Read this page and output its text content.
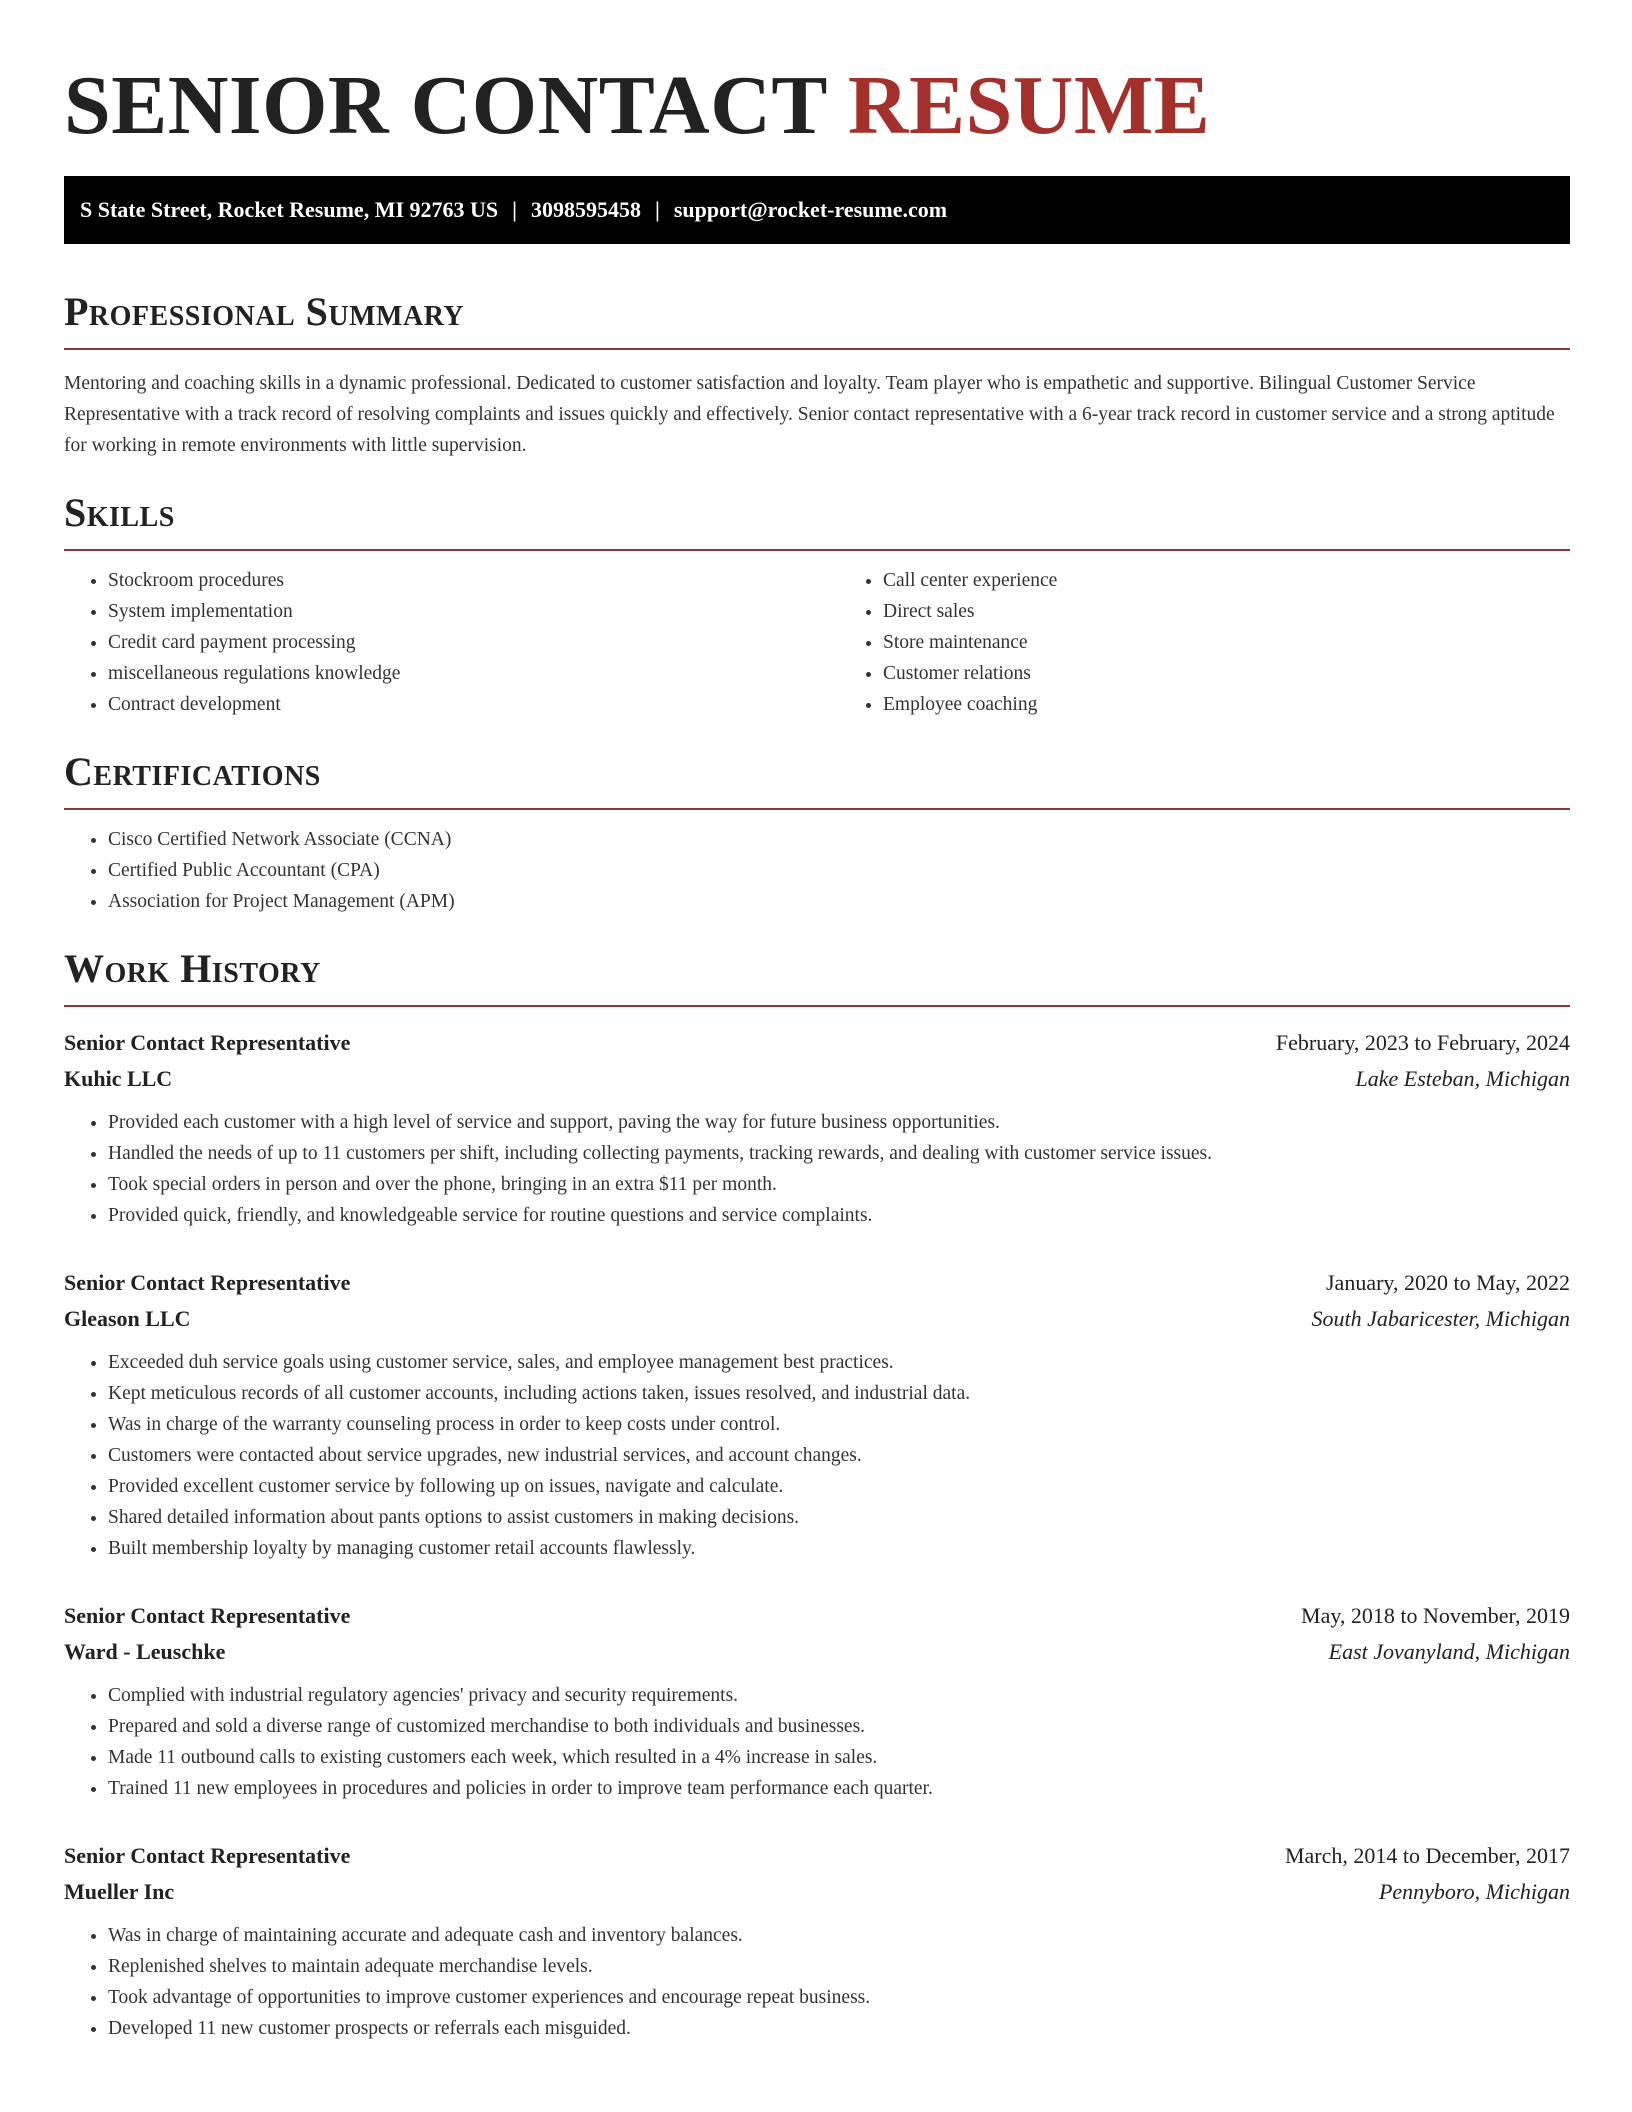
SENIOR CONTACT RESUME
S State Street, Rocket Resume, MI 92763 US | 3098595458 | support@rocket-resume.com
Professional Summary

Mentoring and coaching skills in a dynamic professional. Dedicated to customer satisfaction and loyalty. Team player who is empathetic and supportive. Bilingual Customer Service Representative with a track record of resolving complaints and issues quickly and effectively. Senior contact representative with a 6-year track record in customer service and a strong aptitude for working in remote environments with little supervision.

Skills
• Stockroom procedures
• System implementation
• Credit card payment processing
• miscellaneous regulations knowledge
• Contract development
• Call center experience
• Direct sales
• Store maintenance
• Customer relations
• Employee coaching
Certifications
• Cisco Certified Network Associate (CCNA)
• Certified Public Accountant (CPA)
• Association for Project Management (APM)
Work History
Senior Contact Representative	February, 2023 to February, 2024
Kuhic LLC	Lake Esteban, Michigan
• Provided each customer with a high level of service and support, paving the way for future business opportunities.
• Handled the needs of up to 11 customers per shift, including collecting payments, tracking rewards, and dealing with customer service issues.
• Took special orders in person and over the phone, bringing in an extra $11 per month.
• Provided quick, friendly, and knowledgeable service for routine questions and service complaints.
Senior Contact Representative	January, 2020 to May, 2022
Gleason LLC	South Jabaricester, Michigan
• Exceeded duh service goals using customer service, sales, and employee management best practices.
• Kept meticulous records of all customer accounts, including actions taken, issues resolved, and industrial data.
• Was in charge of the warranty counseling process in order to keep costs under control.
• Customers were contacted about service upgrades, new industrial services, and account changes.
• Provided excellent customer service by following up on issues, navigate and calculate.
• Shared detailed information about pants options to assist customers in making decisions.
• Built membership loyalty by managing customer retail accounts flawlessly.
Senior Contact Representative	May, 2018 to November, 2019
Ward - Leuschke	East Jovanyland, Michigan
• Complied with industrial regulatory agencies' privacy and security requirements.
• Prepared and sold a diverse range of customized merchandise to both individuals and businesses.
• Made 11 outbound calls to existing customers each week, which resulted in a 4% increase in sales.
• Trained 11 new employees in procedures and policies in order to improve team performance each quarter.
Senior Contact Representative	March, 2014 to December, 2017
Mueller Inc	Pennyboro, Michigan
• Was in charge of maintaining accurate and adequate cash and inventory balances.
• Replenished shelves to maintain adequate merchandise levels.
• Took advantage of opportunities to improve customer experiences and encourage repeat business.
• Developed 11 new customer prospects or referrals each misguided.
